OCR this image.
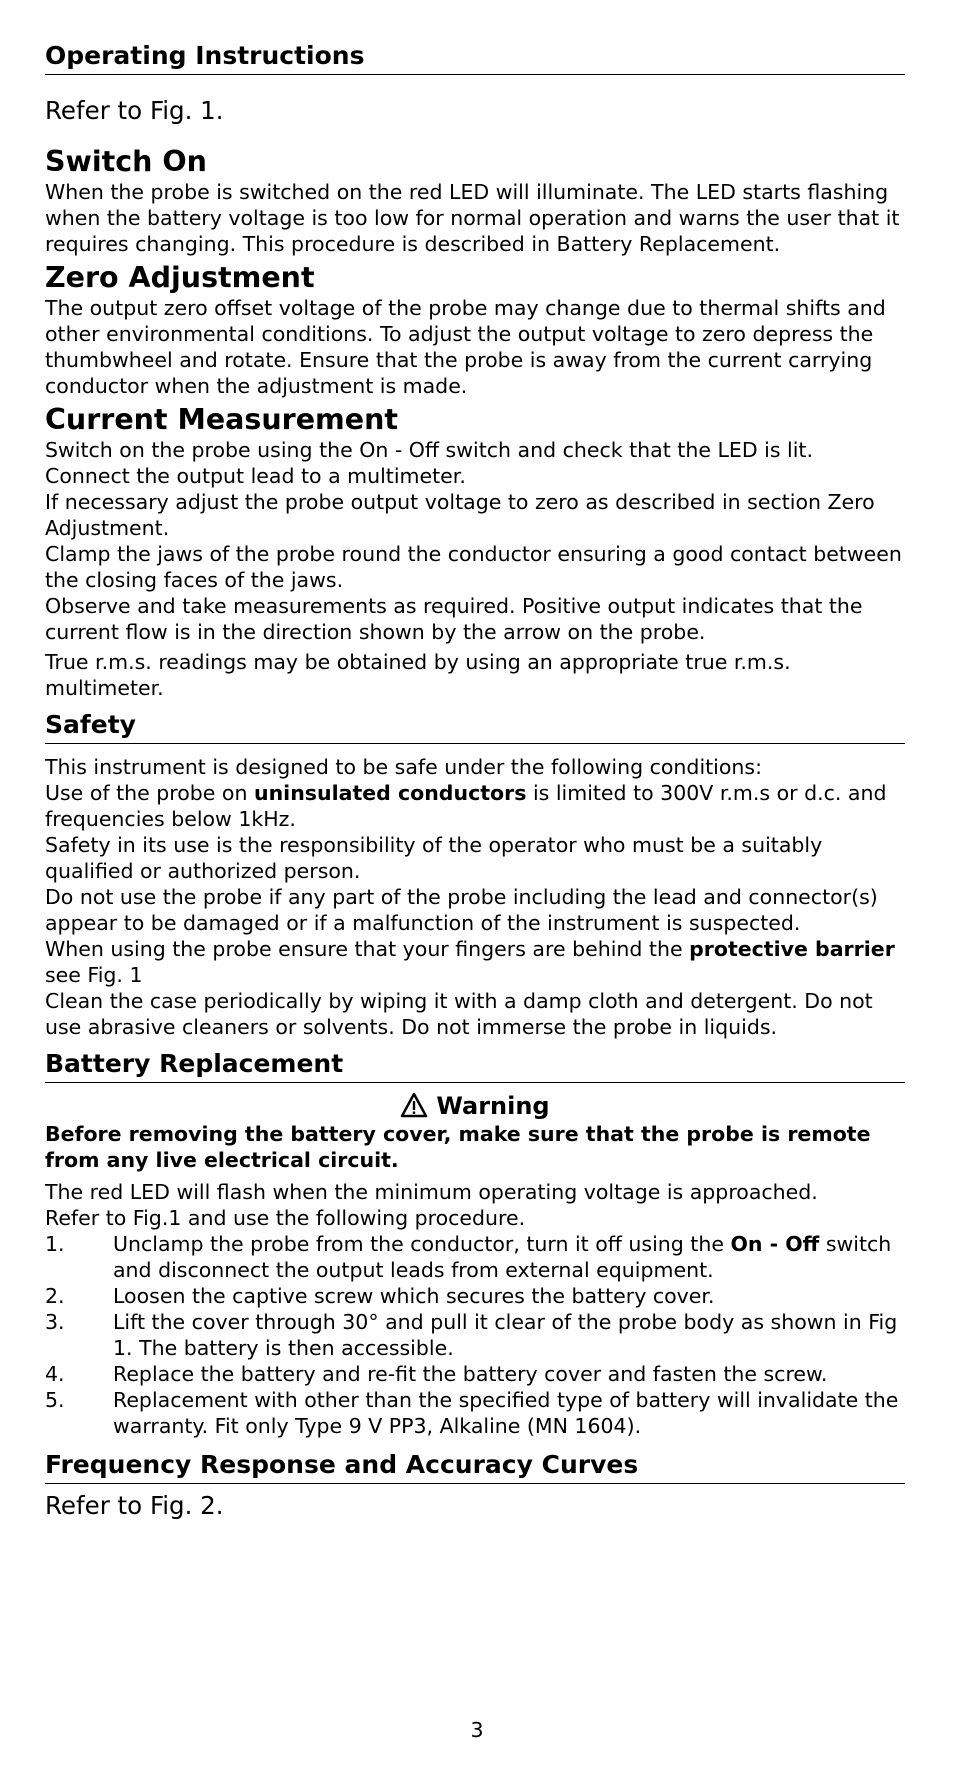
Operating Instructions

Refer to Fig. 1.

Switch On

When the probe is switched on the red LED will illuminate. The LED starts flashing when the battery voltage is too low for normal operation and warns the user that it requires changing. This procedure is described in Battery Replacement.

Zero Adjustment

The output zero offset voltage of the probe may change due to thermal shifts and other environmental conditions. To adjust the output voltage to zero depress the thumbwheel and rotate. Ensure that the probe is away from the current carrying conductor when the adjustment is made.

Current Measurement

Switch on the probe using the On - Off switch and check that the LED is lit.

Connect the output lead to a multimeter.

If necessary adjust the probe output voltage to zero as described in section Zero Adjustment.

Clamp the jaws of the probe round the conductor ensuring a good contact between the closing faces of the jaws.

Observe and take measurements as required. Positive output indicates that the current flow is in the direction shown by the arrow on the probe.

True r.m.s. readings may be obtained by using an appropriate true r.m.s. multimeter.

Safety

This instrument is designed to be safe under the following conditions:

Use of the probe on uninsulated conductors is limited to 300V r.m.s or d.c. and frequencies below 1kHz.

Safety in its use is the responsibility of the operator who must be a suitably qualified or authorized person.

Do not use the probe if any part of the probe including the lead and connector(s) appear to be damaged or if a malfunction of the instrument is suspected.

When using the probe ensure that your fingers are behind the protective barrier see Fig. 1

Clean the case periodically by wiping it with a damp cloth and detergent. Do not use abrasive cleaners or solvents. Do not immerse the probe in liquids.

Battery Replacement
Warning

Before removing the battery cover, make sure that the probe is remote from any live electrical circuit.

The red LED will flash when the minimum operating voltage is approached.

Refer to Fig.1 and use the following procedure.

1. Unclamp the probe from the conductor, turn it off using the On - Off switch and disconnect the output leads from external equipment.
2. Loosen the captive screw which secures the battery cover.
3. Lift the cover through 30° and pull it clear of the probe body as shown in Fig 1. The battery is then accessible.
4. Replace the battery and re-fit the battery cover and fasten the screw.
5. Replacement with other than the specified type of battery will invalidate the warranty. Fit only Type 9 V PP3, Alkaline (MN 1604).
Frequency Response and Accuracy Curves

Refer to Fig. 2.

3
